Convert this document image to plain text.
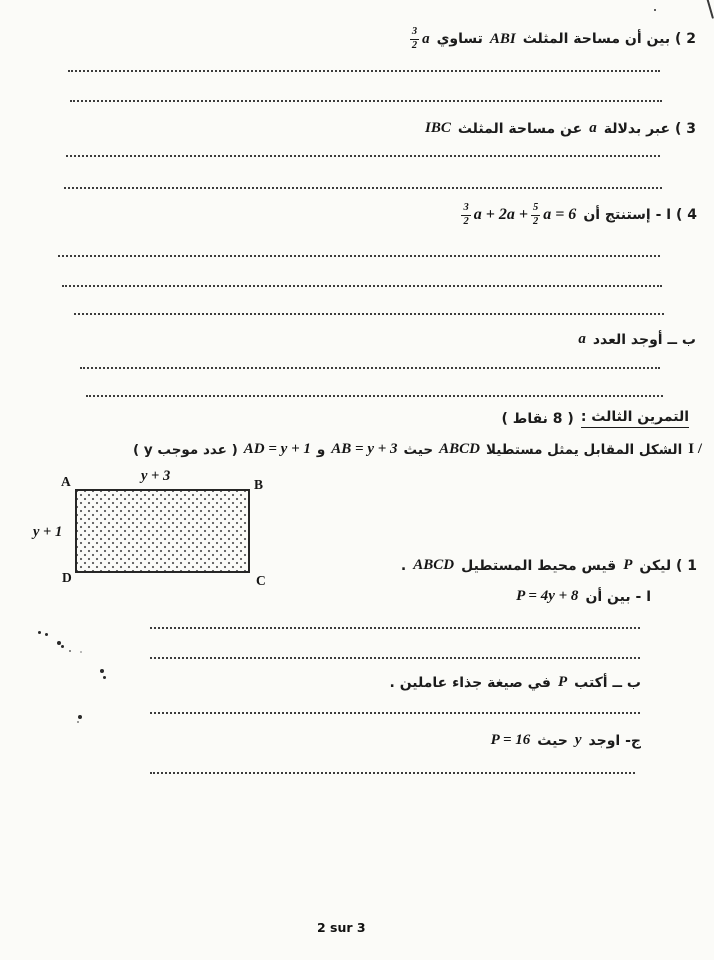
2 ) بين أن مساحة المثلث
ABI
تساوي
$\frac{3}{2}$ a
3 ) عبر بدلالة
a
عن مساحة المثلث
IBC
4 ) ا - إستنتج أن
$\frac{3}{2}$ $a + 2a + \frac{5}{2}$ a = 6
ب ــ أوجد العدد
a
التمرين الثالث :
( 8 نقاط )
I /
الشكل المقابل يمثل مستطيلا
ABCD
حيث
AB = y + 3
و
AD = y + 1
( y عدد موجب )
A	B
D	C
y + 3
y + 1
1 ) ليكن
P
قيس محيط المستطيل
ABCD
.
ا - بين أن
P = 4y + 8
ب ــ أكتب
P
في صيغة جذاء عاملين .
ج- اوجد
y
حيث
P = 16
2 sur 3
